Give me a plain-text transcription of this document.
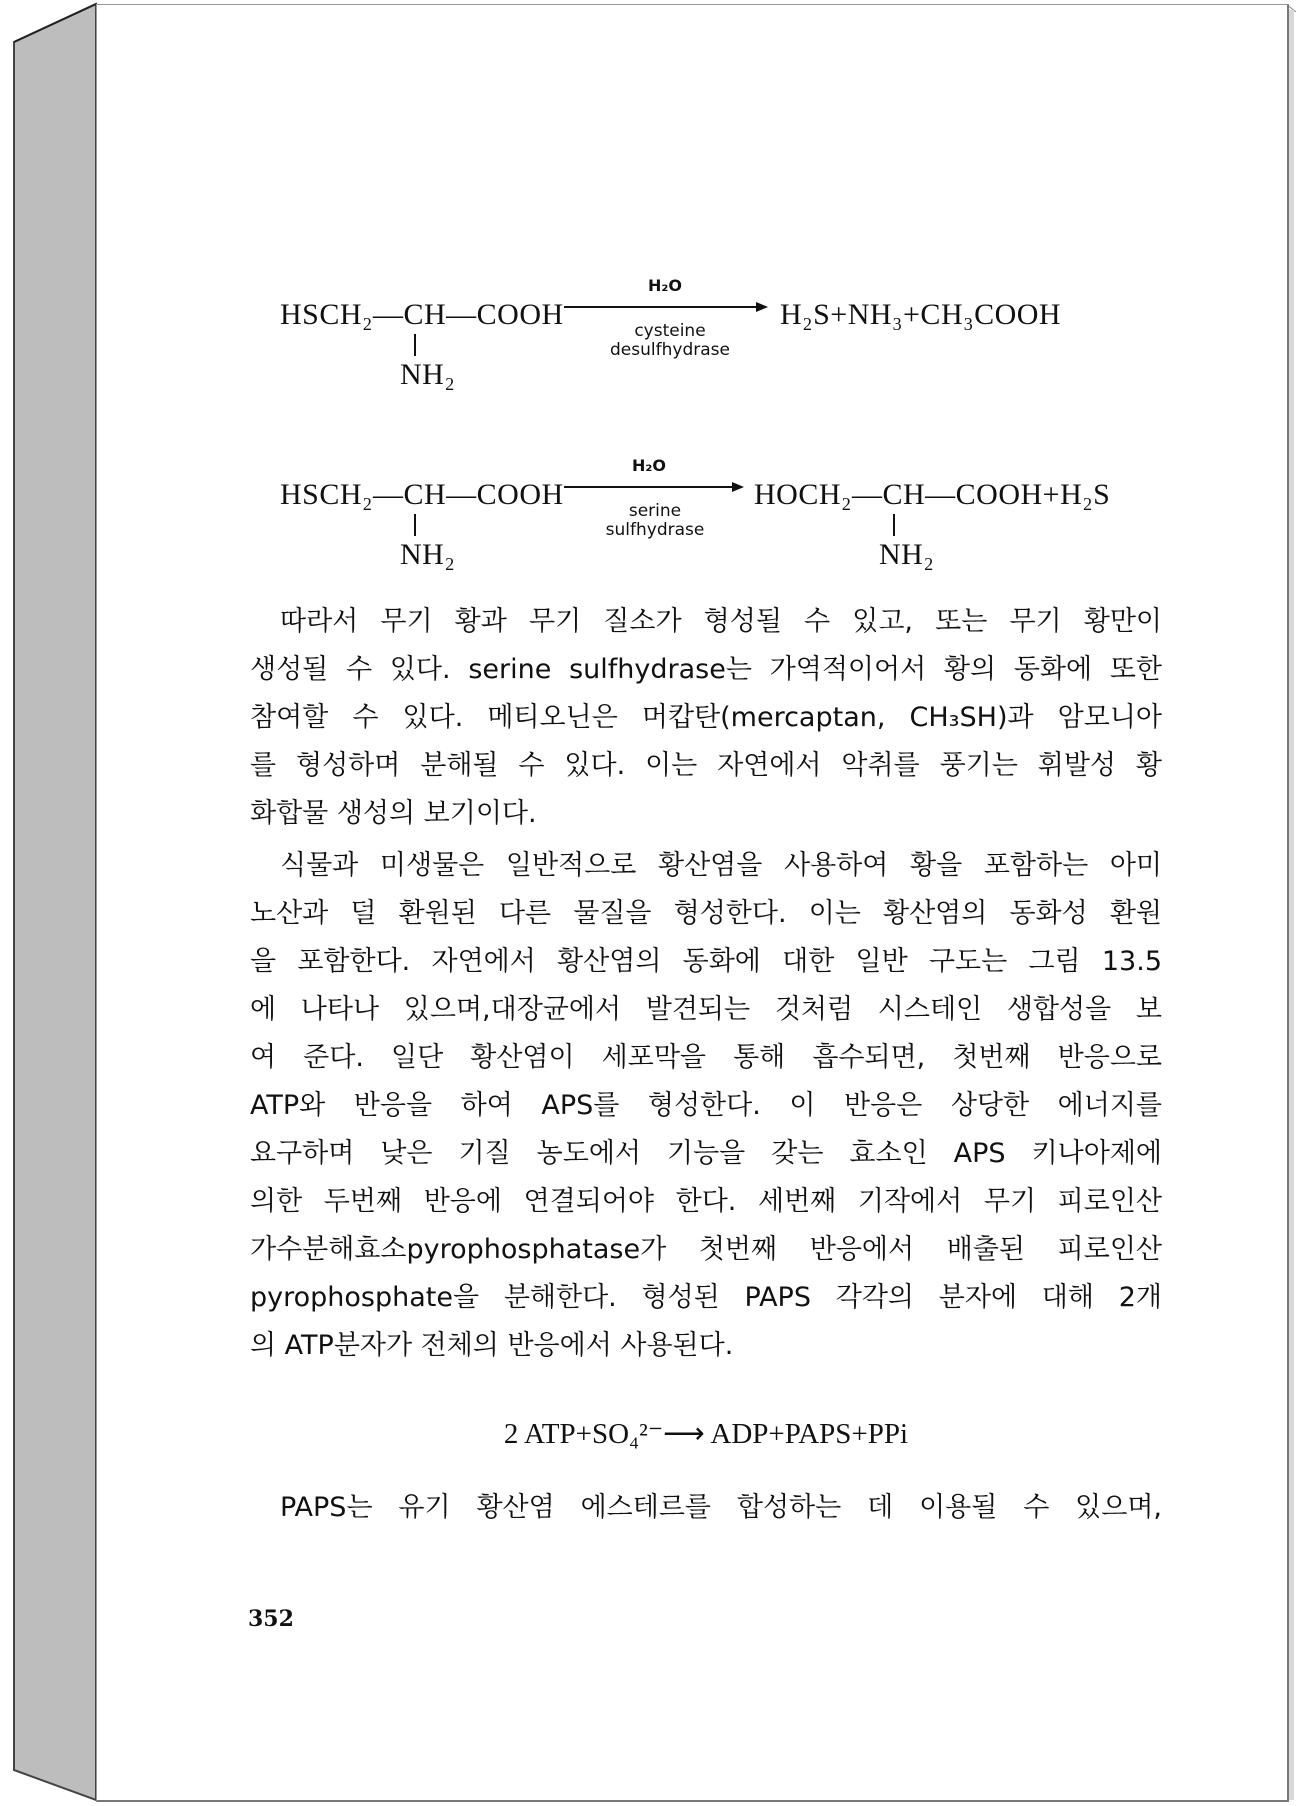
HSCH₂—CH—COOH
NH₂
H₂O
cysteine
desulfhydrase
H₂S+NH₃+CH₃COOH
HSCH₂—CH—COOH
NH₂
H₂O
serine
sulfhydrase
HOCH₂—CH—COOH+H₂S
NH₂
따라서 무기 황과 무기 질소가 형성될 수 있고, 또는 무기 황만이
생성될 수 있다. serine sulfhydrase는 가역적이어서 황의 동화에 또한
참여할 수 있다. 메티오닌은 머캅탄(mercaptan, CH₃SH)과 암모니아
를 형성하며 분해될 수 있다. 이는 자연에서 악취를 풍기는 휘발성 황
화합물 생성의 보기이다.
식물과 미생물은 일반적으로 황산염을 사용하여 황을 포함하는 아미
노산과 덜 환원된 다른 물질을 형성한다. 이는 황산염의 동화성 환원
을 포함한다. 자연에서 황산염의 동화에 대한 일반 구도는 그림 13.5
에 나타나 있으며,대장균에서 발견되는 것처럼 시스테인 생합성을 보
여 준다. 일단 황산염이 세포막을 통해 흡수되면, 첫번째 반응으로
ATP와 반응을 하여 APS를 형성한다. 이 반응은 상당한 에너지를
요구하며 낮은 기질 농도에서 기능을 갖는 효소인 APS 키나아제에
의한 두번째 반응에 연결되어야 한다. 세번째 기작에서 무기 피로인산
가수분해효소pyrophosphatase가 첫번째 반응에서 배출된 피로인산
pyrophosphate을 분해한다. 형성된 PAPS 각각의 분자에 대해 2개
의 ATP분자가 전체의 반응에서 사용된다.
2 ATP+SO₄²⁻⟶ ADP+PAPS+PPi
PAPS는 유기 황산염 에스테르를 합성하는 데 이용될 수 있으며,
352
